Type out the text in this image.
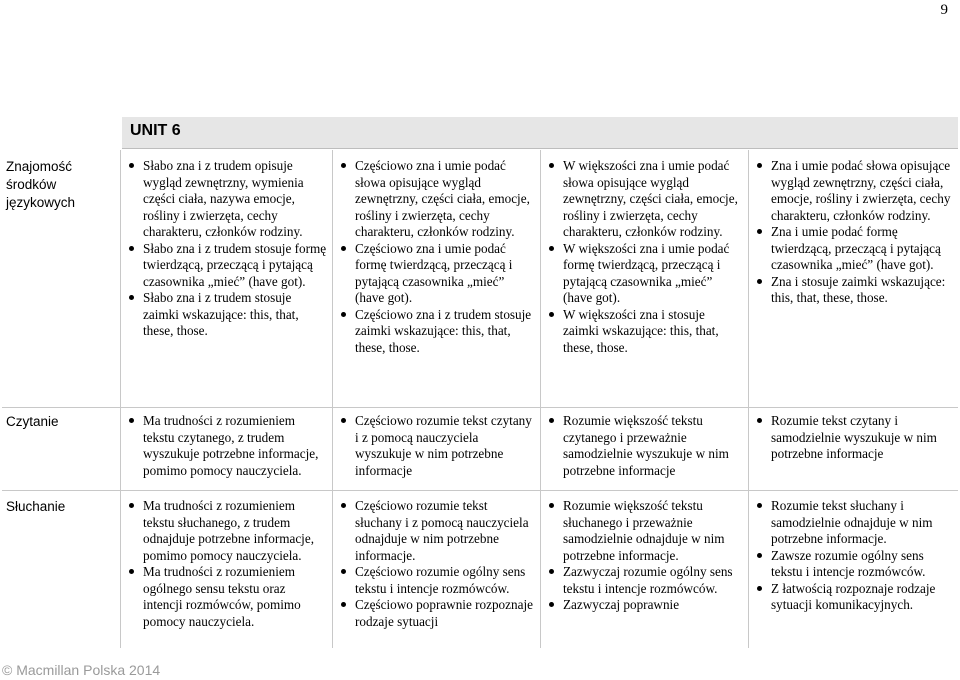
9
UNIT 6
Znajomość środków językowych
Słabo zna i z trudem opisuje wygląd zewnętrzny, wymienia części ciała, nazywa emocje, rośliny i zwierzęta, cechy charakteru, członków rodziny.
Słabo zna i z trudem stosuje formę twierdzącą, przeczącą i pytającą czasownika „mieć” (have got).
Słabo zna i z trudem stosuje zaimki wskazujące: this, that, these, those.
Częściowo zna i umie podać słowa opisujące wygląd zewnętrzny, części ciała, emocje, rośliny i zwierzęta, cechy charakteru, członków rodziny.
Częściowo zna i umie podać formę twierdzącą, przeczącą i pytającą czasownika „mieć” (have got).
Częściowo zna i z trudem stosuje zaimki wskazujące: this, that, these, those.
W większości zna i umie podać słowa opisujące wygląd zewnętrzny, części ciała, emocje, rośliny i zwierzęta, cechy charakteru, członków rodziny.
W większości zna i umie podać formę twierdzącą, przeczącą i pytającą czasownika „mieć” (have got).
W większości zna i stosuje zaimki wskazujące: this, that, these, those.
Zna i umie podać słowa opisujące wygląd zewnętrzny, części ciała, emocje, rośliny i zwierzęta, cechy charakteru, członków rodziny.
Zna i umie podać formę twierdzącą, przeczącą i pytającą czasownika „mieć” (have got).
Zna i stosuje zaimki wskazujące: this, that, these, those.
Czytanie	Ma trudności z rozumieniem tekstu czytanego, z trudem wyszukuje potrzebne informacje, pomimo pomocy nauczyciela.
Częściowo rozumie tekst czytany i z pomocą nauczyciela wyszukuje w nim potrzebne informacje
Rozumie większość tekstu czytanego i przeważnie samodzielnie wyszukuje w nim potrzebne informacje
Rozumie tekst czytany i samodzielnie wyszukuje w nim potrzebne informacje
Słuchanie	Ma trudności z rozumieniem tekstu słuchanego, z trudem odnajduje potrzebne informacje, pomimo pomocy nauczyciela.
Ma trudności z rozumieniem ogólnego sensu tekstu oraz intencji rozmówców, pomimo pomocy nauczyciela.
Częściowo rozumie tekst słuchany i z pomocą nauczyciela odnajduje w nim potrzebne informacje.
Częściowo rozumie ogólny sens tekstu i intencje rozmówców.
Częściowo poprawnie rozpoznaje rodzaje sytuacji
Rozumie większość tekstu słuchanego i przeważnie samodzielnie odnajduje w nim potrzebne informacje.
Zazwyczaj rozumie ogólny sens tekstu i intencje rozmówców.
Zazwyczaj poprawnie
Rozumie tekst słuchany i samodzielnie odnajduje w nim potrzebne informacje.
Zawsze rozumie ogólny sens tekstu i intencje rozmówców.
Z łatwością rozpoznaje rodzaje sytuacji komunikacyjnych.
© Macmillan Polska 2014
